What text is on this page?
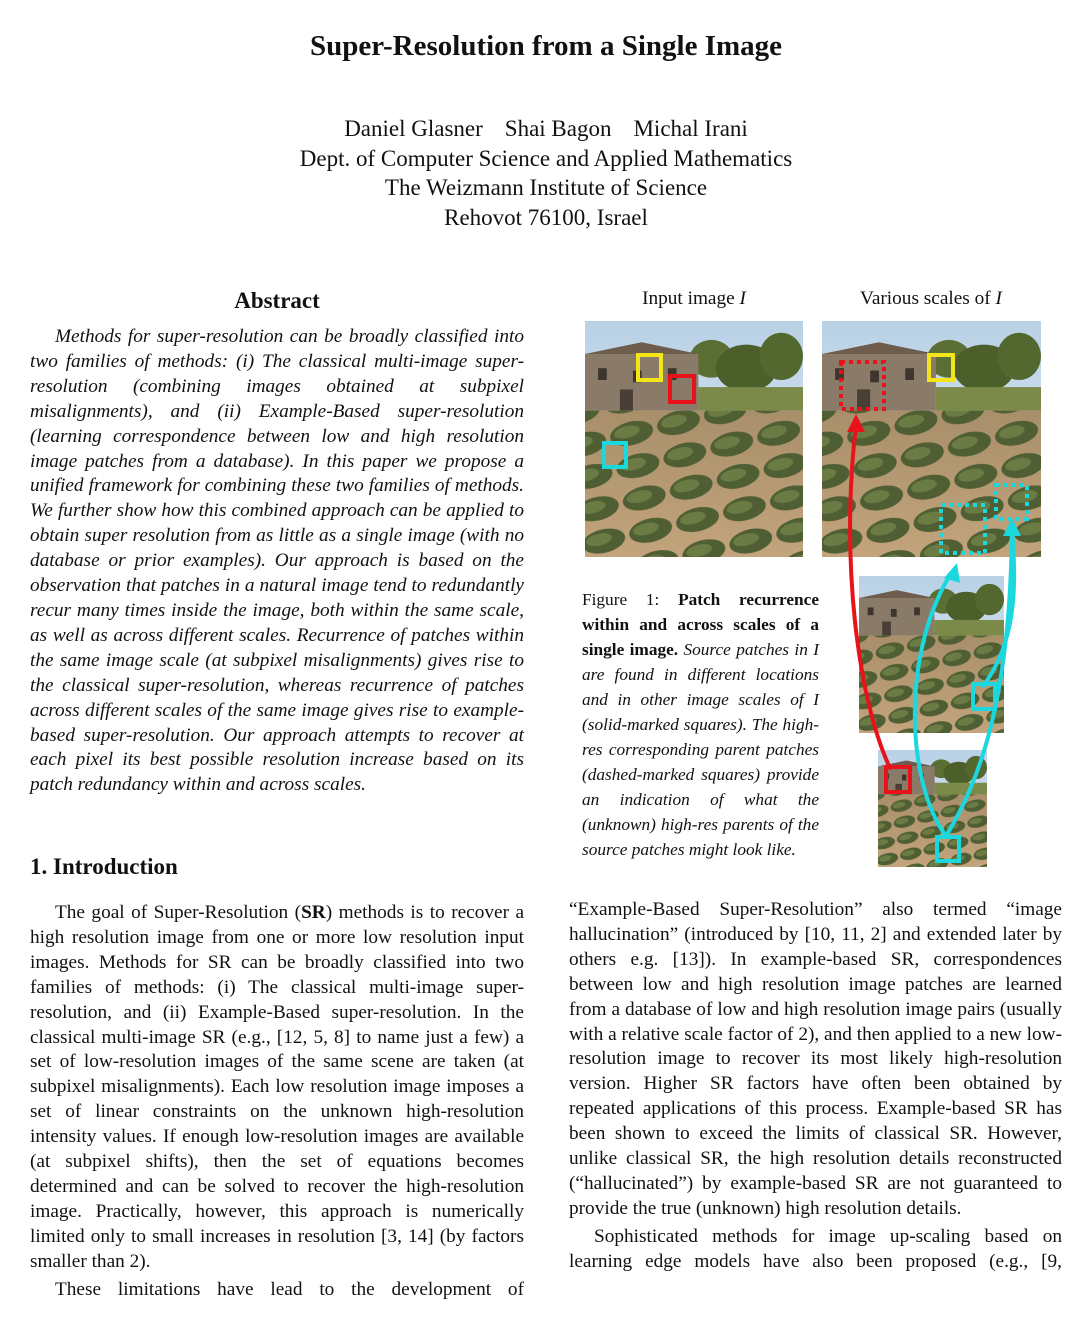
Super-Resolution from a Single Image
Daniel Glasner Shai Bagon Michal Irani
Dept. of Computer Science and Applied Mathematics
The Weizmann Institute of Science
Rehovot 76100, Israel
Abstract

Methods for super-resolution can be broadly classified into two families of methods: (i) The classical multi-image super-resolution (combining images obtained at subpixel misalignments), and (ii) Example-Based super-resolution (learning correspondence between low and high resolution image patches from a database). In this paper we propose a unified framework for combining these two families of methods. We further show how this combined approach can be applied to obtain super resolution from as little as a single image (with no database or prior examples). Our approach is based on the observation that patches in a natural image tend to redundantly recur many times inside the image, both within the same scale, as well as across different scales. Recurrence of patches within the same image scale (at subpixel misalignments) gives rise to the classical super-resolution, whereas recurrence of patches across different scales of the same image gives rise to example-based super-resolution. Our approach attempts to recover at each pixel its best possible resolution increase based on its patch redundancy within and across scales.

1. Introduction

The goal of Super-Resolution (SR) methods is to recover a high resolution image from one or more low resolution input images. Methods for SR can be broadly classified into two families of methods: (i) The classical multi-image super-resolution, and (ii) Example-Based super-resolution. In the classical multi-image SR (e.g., [12, 5, 8] to name just a few) a set of low-resolution images of the same scene are taken (at subpixel misalignments). Each low resolution image imposes a set of linear constraints on the unknown high-resolution intensity values. If enough low-resolution images are available (at subpixel shifts), then the set of equations becomes determined and can be solved to recover the high-resolution image. Practically, however, this approach is numerically limited only to small increases in resolution [3, 14] (by factors smaller than 2).

These limitations have lead to the development of

“Example-Based Super-Resolution” also termed “image hallucination” (introduced by [10, 11, 2] and extended later by others e.g. [13]). In example-based SR, correspondences between low and high resolution image patches are learned from a database of low and high resolution image pairs (usually with a relative scale factor of 2), and then applied to a new low-resolution image to recover its most likely high-resolution version. Higher SR factors have often been obtained by repeated applications of this process. Example-based SR has been shown to exceed the limits of classical SR. However, unlike classical SR, the high resolution details reconstructed (“hallucinated”) by example-based SR are not guaranteed to provide the true (unknown) high resolution details.

Sophisticated methods for image up-scaling based on learning edge models have also been proposed (e.g., [9,

Input image I	Various scales of I

Figure 1: Patch recurrence within and across scales of a single image. Source patches in I are found in different locations and in other image scales of I (solid-marked squares). The high-res corresponding parent patches (dashed-marked squares) provide an indication of what the (unknown) high-res parents of the source patches might look like.
